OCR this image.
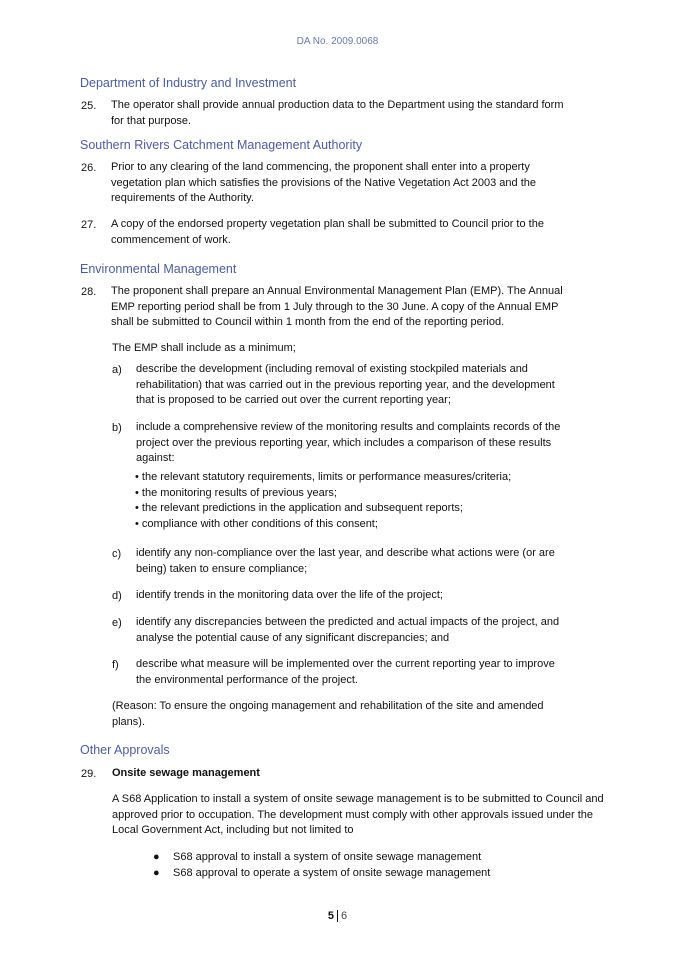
DA No. 2009.0068
Department of Industry and Investment
25. The operator shall provide annual production data to the Department using the standard form
for that purpose.
Southern Rivers Catchment Management Authority
26. Prior to any clearing of the land commencing, the proponent shall enter into a property
vegetation plan which satisfies the provisions of the Native Vegetation Act 2003 and the
requirements of the Authority.
27. A copy of the endorsed property vegetation plan shall be submitted to Council prior to the
commencement of work.
Environmental Management
28. The proponent shall prepare an Annual Environmental Management Plan (EMP). The Annual
EMP reporting period shall be from 1 July through to the 30 June. A copy of the Annual EMP
shall be submitted to Council within 1 month from the end of the reporting period.
The EMP shall include as a minimum;
a) describe the development (including removal of existing stockpiled materials and
rehabilitation) that was carried out in the previous reporting year, and the development
that is proposed to be carried out over the current reporting year;
b) include a comprehensive review of the monitoring results and complaints records of the
project over the previous reporting year, which includes a comparison of these results
against:
• the relevant statutory requirements, limits or performance measures/criteria;
• the monitoring results of previous years;
• the relevant predictions in the application and subsequent reports;
• compliance with other conditions of this consent;
c) identify any non-compliance over the last year, and describe what actions were (or are
being) taken to ensure compliance;
d) identify trends in the monitoring data over the life of the project;
e) identify any discrepancies between the predicted and actual impacts of the project, and
analyse the potential cause of any significant discrepancies; and
f) describe what measure will be implemented over the current reporting year to improve
the environmental performance of the project.
(Reason: To ensure the ongoing management and rehabilitation of the site and amended
plans).
Other Approvals
29. Onsite sewage management
A S68 Application to install a system of onsite sewage management is to be submitted to Council and
approved prior to occupation. The development must comply with other approvals issued under the
Local Government Act, including but not limited to
● S68 approval to install a system of onsite sewage management
● S68 approval to operate a system of onsite sewage management
5 6
